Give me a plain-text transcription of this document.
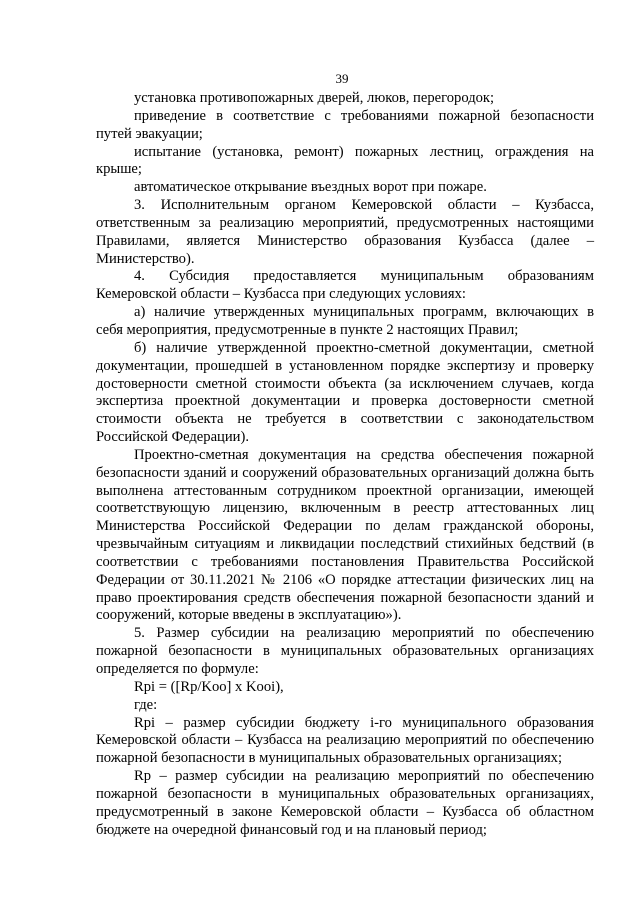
39

установка противопожарных дверей, люков, перегородок;

приведение в соответствие с требованиями пожарной безопасности путей эвакуации;

испытание (установка, ремонт) пожарных лестниц, ограждения на крыше;

автоматическое открывание въездных ворот при пожаре.

3. Исполнительным органом Кемеровской области – Кузбасса, ответственным за реализацию мероприятий, предусмотренных настоящими Правилами, является Министерство образования Кузбасса (далее – Министерство).

4. Субсидия предоставляется муниципальным образованиям Кемеровской области – Кузбасса при следующих условиях:

а) наличие утвержденных муниципальных программ, включающих в себя мероприятия, предусмотренные в пункте 2 настоящих Правил;

б) наличие утвержденной проектно-сметной документации, сметной документации, прошедшей в установленном порядке экспертизу и проверку достоверности сметной стоимости объекта (за исключением случаев, когда экспертиза проектной документации и проверка достоверности сметной стоимости объекта не требуется в соответствии с законодательством Российской Федерации).

Проектно-сметная документация на средства обеспечения пожарной безопасности зданий и сооружений образовательных организаций должна быть выполнена аттестованным сотрудником проектной организации, имеющей соответствующую лицензию, включенным в реестр аттестованных лиц Министерства Российской Федерации по делам гражданской обороны, чрезвычайным ситуациям и ликвидации последствий стихийных бедствий (в соответствии с требованиями постановления Правительства Российской Федерации от 30.11.2021 № 2106 «О порядке аттестации физических лиц на право проектирования средств обеспечения пожарной безопасности зданий и сооружений, которые введены в эксплуатацию»).

5. Размер субсидии на реализацию мероприятий по обеспечению пожарной безопасности в муниципальных образовательных организациях определяется по формуле:

Rpi = ([Rp/Koo] x Kooi),

где:

Rpi – размер субсидии бюджету i-го муниципального образования Кемеровской области – Кузбасса на реализацию мероприятий по обеспечению пожарной безопасности в муниципальных образовательных организациях;

Rp – размер субсидии на реализацию мероприятий по обеспечению пожарной безопасности в муниципальных образовательных организациях, предусмотренный в законе Кемеровской области – Кузбасса об областном бюджете на очередной финансовый год и на плановый период;
